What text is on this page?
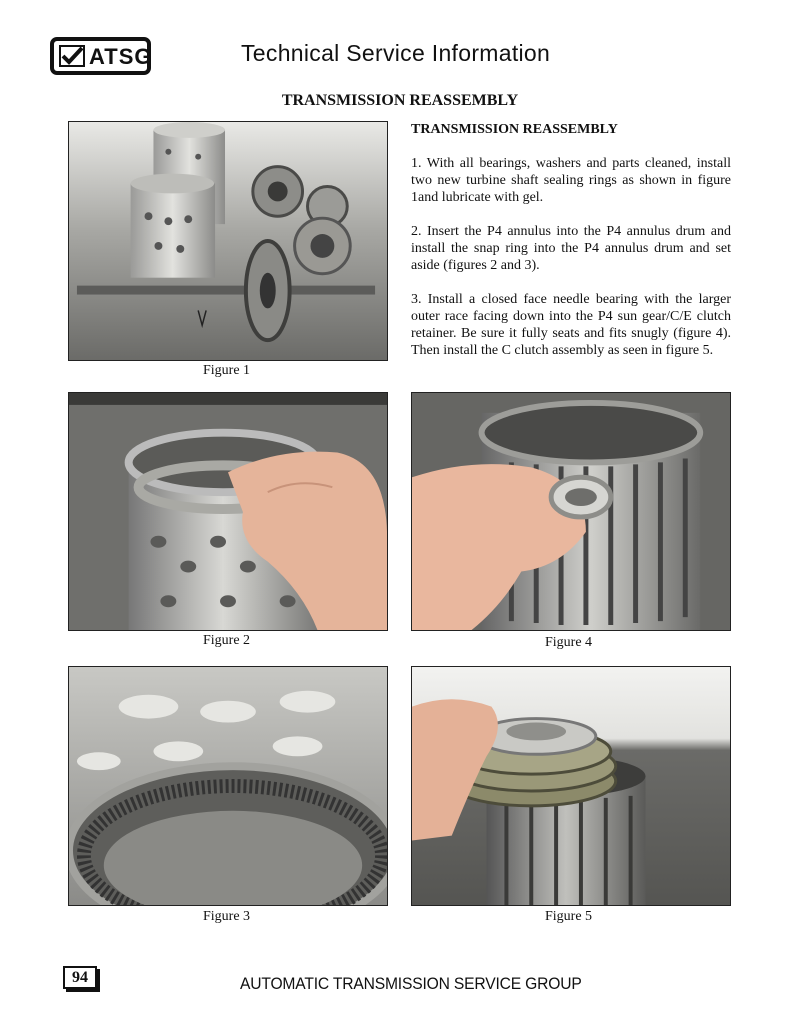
ATSG	Technical Service Information
TRANSMISSION REASSEMBLY
TRANSMISSION REASSEMBLY

1. With all bearings, washers and parts cleaned, install two new turbine shaft sealing rings as shown in figure 1and lubricate with gel.

2. Insert the P4 annulus into the P4 annulus drum and install the snap ring into the P4 annulus drum and set aside (figures 2 and 3).

3. Install a closed face needle bearing with the larger outer race facing down into the P4 sun gear/C/E clutch retainer. Be sure it fully seats and fits snugly (figure 4). Then install the C clutch assembly as seen in figure 5.

Figure 1
Figure 2	Figure 4
Figure 3	Figure 5
94	AUTOMATIC TRANSMISSION SERVICE GROUP
